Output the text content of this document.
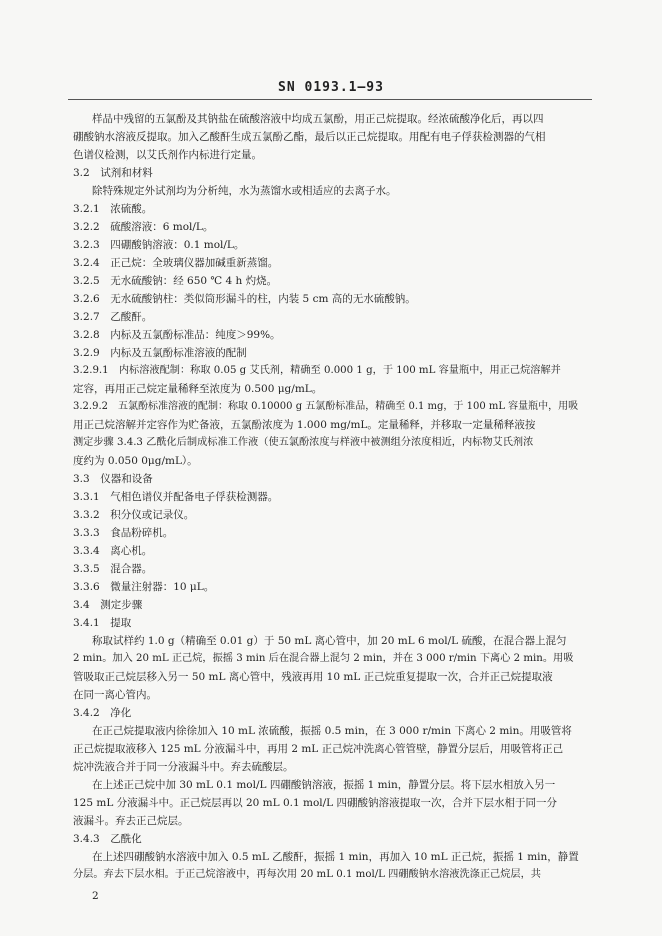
SN 0193.1—93
样品中残留的五氯酚及其钠盐在硫酸溶液中均成五氯酚，用正己烷提取。经浓硫酸净化后，再以四
硼酸钠水溶液反提取。加入乙酸酐生成五氯酚乙酯，最后以正己烷提取。用配有电子俘获检测器的气相
色谱仪检测，以艾氏剂作内标进行定量。
3.2　试剂和材料
除特殊规定外试剂均为分析纯，水为蒸馏水或相适应的去离子水。
3.2.1　浓硫酸。
3.2.2　硫酸溶液：6 mol/L。
3.2.3　四硼酸钠溶液：0.1 mol/L。
3.2.4　正己烷：全玻璃仪器加碱重新蒸馏。
3.2.5　无水硫酸钠：经 650 ℃ 4 h 灼烧。
3.2.6　无水硫酸钠柱：类似筒形漏斗的柱，内装 5 cm 高的无水硫酸钠。
3.2.7　乙酸酐。
3.2.8　内标及五氯酚标准品：纯度＞99%。
3.2.9　内标及五氯酚标准溶液的配制
3.2.9.1　内标溶液配制：称取 0.05 g 艾氏剂，精确至 0.000 1 g，于 100 mL 容量瓶中，用正己烷溶解并
定容，再用正己烷定量稀释至浓度为 0.500 μg/mL。
3.2.9.2　五氯酚标准溶液的配制：称取 0.10000 g 五氯酚标准品，精确至 0.1 mg，于 100 mL 容量瓶中，用吸
用正己烷溶解并定容作为贮备液，五氯酚浓度为 1.000 mg/mL。定量稀释，并移取一定量稀释液按
测定步骤 3.4.3 乙酰化后制成标准工作液（使五氯酚浓度与样液中被测组分浓度相近，内标物艾氏剂浓
度约为 0.050 0μg/mL）。
3.3　仪器和设备
3.3.1　气相色谱仪并配备电子俘获检测器。
3.3.2　积分仪或记录仪。
3.3.3　食品粉碎机。
3.3.4　离心机。
3.3.5　混合器。
3.3.6　微量注射器：10 μL。
3.4　测定步骤
3.4.1　提取
称取试样约 1.0 g（精确至 0.01 g）于 50 mL 离心管中，加 20 mL 6 mol/L 硫酸，在混合器上混匀
2 min。加入 20 mL 正己烷，振摇 3 min 后在混合器上混匀 2 min，并在 3 000 r/min 下离心 2 min。用吸
管吸取正己烷层移入另一 50 mL 离心管中，残液再用 10 mL 正己烷重复提取一次，合并正己烷提取液
在同一离心管内。
3.4.2　净化
在正己烷提取液内徐徐加入 10 mL 浓硫酸，振摇 0.5 min，在 3 000 r/min 下离心 2 min。用吸管将
正己烷提取液移入 125 mL 分液漏斗中，再用 2 mL 正己烷冲洗离心管管壁，静置分层后，用吸管将正己
烷冲洗液合并于同一分液漏斗中。弃去硫酸层。
在上述正己烷中加 30 mL 0.1 mol/L 四硼酸钠溶液，振摇 1 min，静置分层。将下层水相放入另一
125 mL 分液漏斗中。正己烷层再以 20 mL 0.1 mol/L 四硼酸钠溶液提取一次，合并下层水相于同一分
液漏斗。弃去正己烷层。
3.4.3　乙酰化
在上述四硼酸钠水溶液中加入 0.5 mL 乙酸酐，振摇 1 min，再加入 10 mL 正己烷，振摇 1 min，静置
分层。弃去下层水相。于正己烷溶液中，再每次用 20 mL 0.1 mol/L 四硼酸钠水溶液洗涤正己烷层，共
2
